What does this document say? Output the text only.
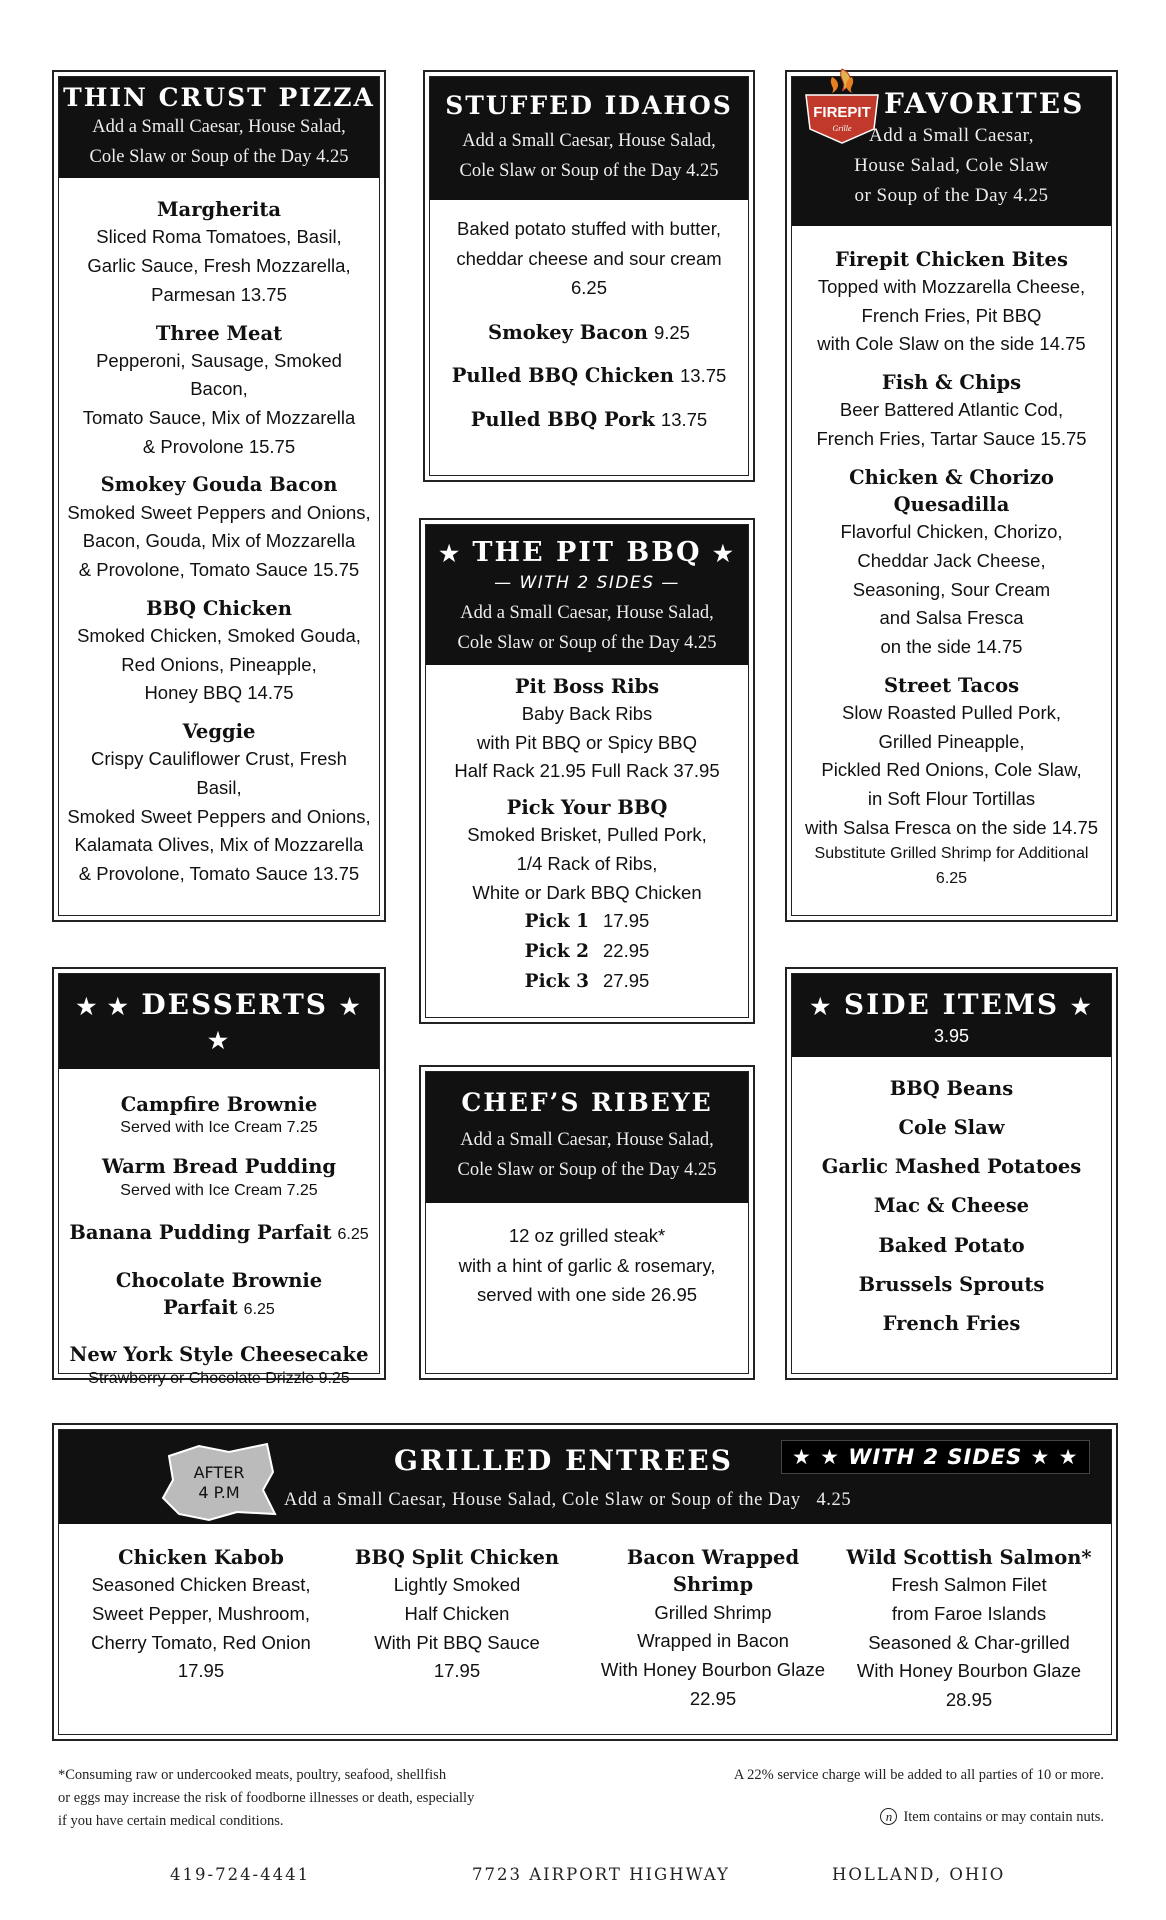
THIN CRUST PIZZA
Add a Small Caesar, House Salad,
Cole Slaw or Soup of the Day 4.25
Margherita
Sliced Roma Tomatoes, Basil,
Garlic Sauce, Fresh Mozzarella,
Parmesan 13.75
Three Meat
Pepperoni, Sausage, Smoked Bacon,
Tomato Sauce, Mix of Mozzarella
& Provolone 15.75
Smokey Gouda Bacon
Smoked Sweet Peppers and Onions,
Bacon, Gouda, Mix of Mozzarella
& Provolone, Tomato Sauce 15.75
BBQ Chicken
Smoked Chicken, Smoked Gouda,
Red Onions, Pineapple,
Honey BBQ 14.75
Veggie
Crispy Cauliflower Crust, Fresh Basil,
Smoked Sweet Peppers and Onions,
Kalamata Olives, Mix of Mozzarella
& Provolone, Tomato Sauce 13.75
STUFFED IDAHOS
Add a Small Caesar, House Salad,
Cole Slaw or Soup of the Day 4.25
Baked potato stuffed with butter,
cheddar cheese and sour cream 6.25
Smokey Bacon 9.25
Pulled BBQ Chicken 13.75
Pulled BBQ Pork 13.75
FIREPIT
Grille
FAVORITES
Add a Small Caesar,
House Salad, Cole Slaw
or Soup of the Day 4.25
Firepit Chicken Bites
Topped with Mozzarella Cheese,
French Fries, Pit BBQ
with Cole Slaw on the side 14.75
Fish & Chips
Beer Battered Atlantic Cod,
French Fries, Tartar Sauce 15.75
Chicken & Chorizo Quesadilla
Flavorful Chicken, Chorizo,
Cheddar Jack Cheese,
Seasoning, Sour Cream
and Salsa Fresca
on the side 14.75
Street Tacos
Slow Roasted Pulled Pork,
Grilled Pineapple,
Pickled Red Onions, Cole Slaw,
in Soft Flour Tortillas
with Salsa Fresca on the side 14.75
Substitute Grilled Shrimp for Additional 6.25
★ THE PIT BBQ ★
— WITH 2 SIDES —
Add a Small Caesar, House Salad,
Cole Slaw or Soup of the Day 4.25
Pit Boss Ribs
Baby Back Ribs
with Pit BBQ or Spicy BBQ
Half Rack 21.95 Full Rack 37.95
Pick Your BBQ
Smoked Brisket, Pulled Pork,
1/4 Rack of Ribs,
White or Dark BBQ Chicken
Pick 1 17.95
Pick 2 22.95
Pick 3 27.95
★ ★ DESSERTS ★ ★
Campfire Brownie
Served with Ice Cream 7.25
Warm Bread Pudding
Served with Ice Cream 7.25
Banana Pudding Parfait 6.25
Chocolate Brownie Parfait 6.25
New York Style Cheesecake
Strawberry or Chocolate Drizzle 9.25
CHEF’S RIBEYE
Add a Small Caesar, House Salad,
Cole Slaw or Soup of the Day 4.25
12 oz grilled steak*
with a hint of garlic & rosemary,
served with one side 26.95
★ SIDE ITEMS ★
3.95
BBQ Beans
Cole Slaw
Garlic Mashed Potatoes
Mac & Cheese
Baked Potato
Brussels Sprouts
French Fries
AFTER
4 P.M
GRILLED ENTREES	★ ★ WITH 2 SIDES ★ ★
Add a Small Caesar, House Salad, Cole Slaw or Soup of the Day   4.25
Chicken Kabob
Seasoned Chicken Breast,
Sweet Pepper, Mushroom,
Cherry Tomato, Red Onion
17.95
BBQ Split Chicken
Lightly Smoked
Half Chicken
With Pit BBQ Sauce
17.95
Bacon Wrapped Shrimp
Grilled Shrimp
Wrapped in Bacon
With Honey Bourbon Glaze
22.95
Wild Scottish Salmon*
Fresh Salmon Filet
from Faroe Islands
Seasoned & Char-grilled
With Honey Bourbon Glaze
28.95
*Consuming raw or undercooked meats, poultry, seafood, shellfish
or eggs may increase the risk of foodborne illnesses or death, especially
if you have certain medical conditions.
A 22% service charge will be added to all parties of 10 or more.
n Item contains or may contain nuts.
419-724-4441	7723 AIRPORT HIGHWAY	HOLLAND, OHIO
